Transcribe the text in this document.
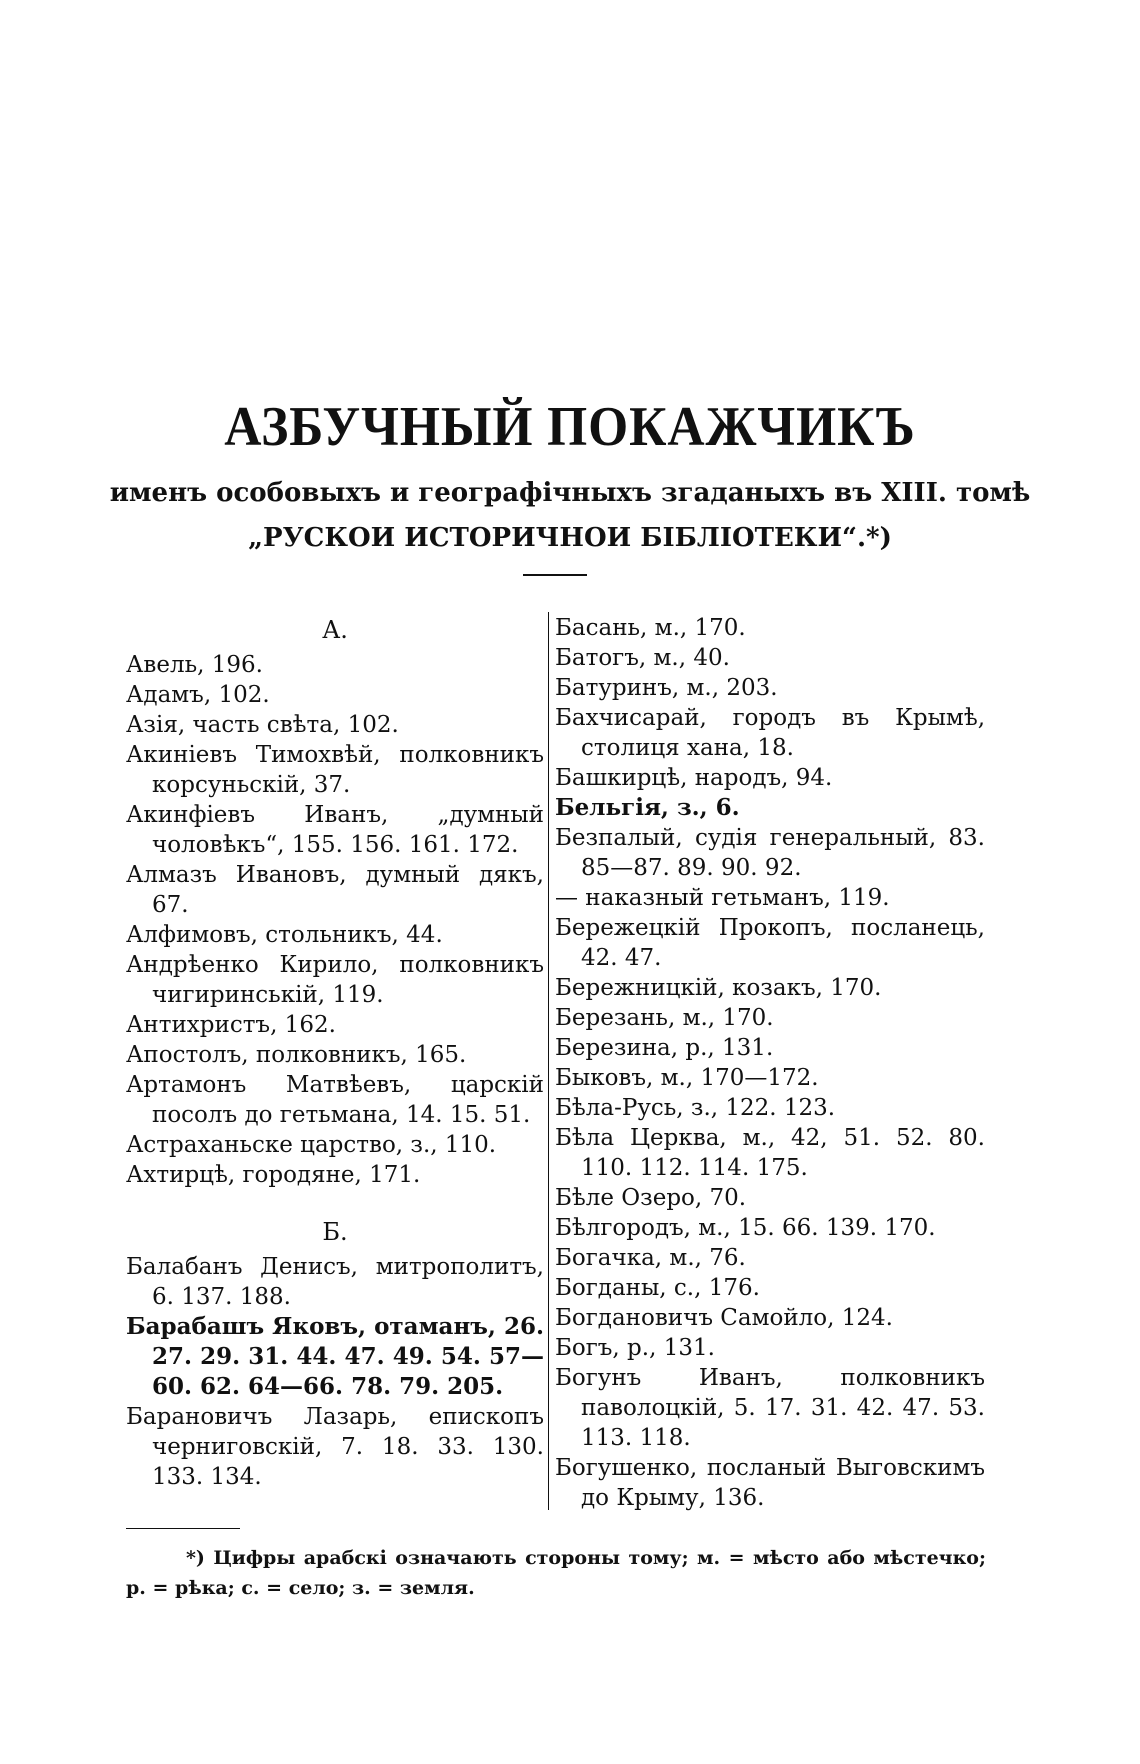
АЗБУЧНЫЙ ПОКАЖЧИКЪ
именъ особовыхъ и географічныхъ згаданыхъ въ XIII. томѣ
„РУСКОИ ИСТОРИЧНОИ БІБЛІОТЕКИ“.*)
А.

Авель, 196.

Адамъ, 102.

Азія, часть свѣта, 102.

Акиніевъ Тимохвѣй, полковникъ корсуньскій, 37.

Акинфіевъ Иванъ, „думный чоловѣкъ“, 155. 156. 161. 172.

Алмазъ Ивановъ, думный дякъ, 67.

Алфимовъ, стольникъ, 44.

Андрѣенко Кирило, полковникъ чигиринській, 119.

Антихристъ, 162.

Апостолъ, полковникъ, 165.

Артамонъ Матвѣевъ, царскій посолъ до гетьмана, 14. 15. 51.

Астраханьске царство, з., 110.

Ахтирцѣ, городяне, 171.

Б.

Балабанъ Денисъ, митрополитъ, 6. 137. 188.

Барабашъ Яковъ, отаманъ, 26. 27. 29. 31. 44. 47. 49. 54. 57—60. 62. 64—66. 78. 79. 205.

Барановичъ Лазарь, епископъ черниговскій, 7. 18. 33. 130. 133. 134.

Басань, м., 170.

Батогъ, м., 40.

Батуринъ, м., 203.

Бахчисарай, городъ въ Крымѣ, столиця хана, 18.

Башкирцѣ, народъ, 94.

Бельгія, з., 6.

Безпалый, судія генеральный, 83. 85—87. 89. 90. 92.

— наказный гетьманъ, 119.

Бережецкій Прокопъ, посланець, 42. 47.

Бережницкій, козакъ, 170.

Березань, м., 170.

Березина, р., 131.

Быковъ, м., 170—172.

Бѣла-Русь, з., 122. 123.

Бѣла Церква, м., 42, 51. 52. 80. 110. 112. 114. 175.

Бѣле Озеро, 70.

Бѣлгородъ, м., 15. 66. 139. 170.

Богачка, м., 76.

Богданы, с., 176.

Богдановичъ Самойло, 124.

Богъ, р., 131.

Богунъ Иванъ, полковникъ паволоцкій, 5. 17. 31. 42. 47. 53. 113. 118.

Богушенко, посланый Выговскимъ до Крыму, 136.

*) Цифры арабскі означають стороны тому; м. = мѣсто або мѣстечко; р. = рѣка; с. = село; з. = земля.
